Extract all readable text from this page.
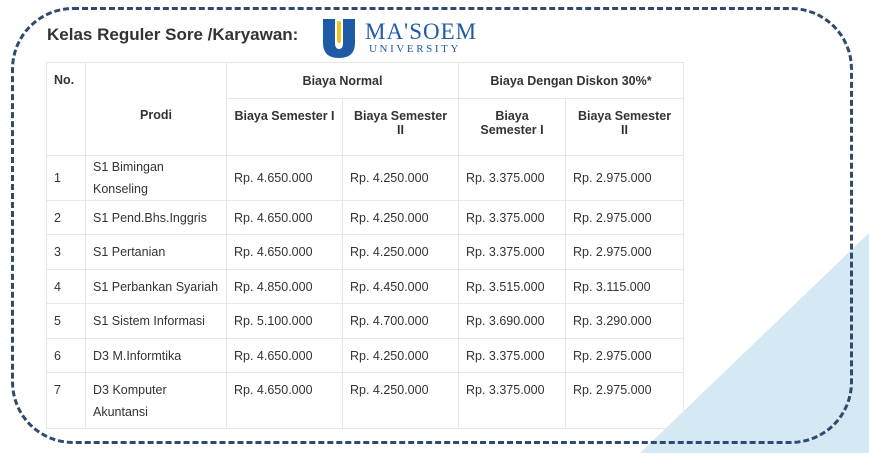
Kelas Reguler Sore /Karyawan:	MA'SOEM
UNIVERSITY
No.	Prodi	Biaya Normal		Biaya Dengan Diskon 30%*	
		Biaya Semester I	Biaya Semester II	Biaya Semester I	Biaya Semester II
1	S1 Bimingan Konseling	Rp. 4.650.000	Rp. 4.250.000	Rp. 3.375.000	Rp. 2.975.000
2	S1 Pend.Bhs.Inggris	Rp. 4.650.000	Rp. 4.250.000	Rp. 3.375.000	Rp. 2.975.000
3	S1 Pertanian	Rp. 4.650.000	Rp. 4.250.000	Rp. 3.375.000	Rp. 2.975.000
4	S1 Perbankan Syariah	Rp. 4.850.000	Rp. 4.450.000	Rp. 3.515.000	Rp. 3.115.000
5	S1 Sistem Informasi	Rp. 5.100.000	Rp. 4.700.000	Rp. 3.690.000	Rp. 3.290.000
6	D3 M.Informtika	Rp. 4.650.000	Rp. 4.250.000	Rp. 3.375.000	Rp. 2.975.000
7	D3 Komputer Akuntansi	Rp. 4.650.000	Rp. 4.250.000	Rp. 3.375.000	Rp. 2.975.000
